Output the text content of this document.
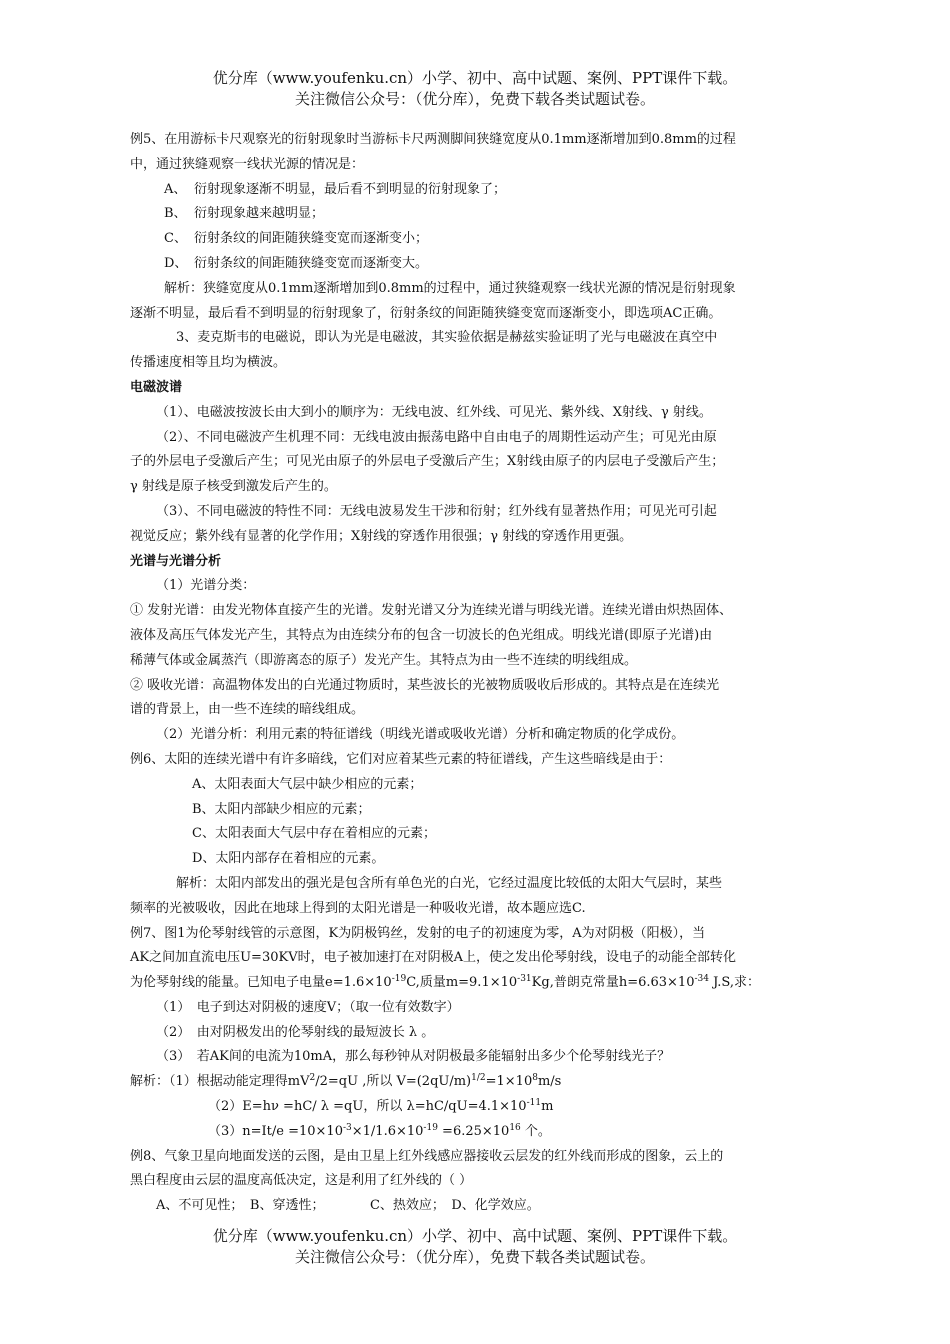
优分库（www.youfenku.cn）小学、初中、高中试题、案例、PPT课件下载。
关注微信公众号：（优分库），免费下载各类试题试卷。

例5、在用游标卡尺观察光的衍射现象时当游标卡尺两测脚间狭缝宽度从0.1mm逐渐增加到0.8mm的过程

中，通过狭缝观察一线状光源的情况是：

A、 衍射现象逐渐不明显，最后看不到明显的衍射现象了；

B、 衍射现象越来越明显；

C、 衍射条纹的间距随狭缝变宽而逐渐变小；

D、 衍射条纹的间距随狭缝变宽而逐渐变大。

解析：狭缝宽度从0.1mm逐渐增加到0.8mm的过程中，通过狭缝观察一线状光源的情况是衍射现象

逐渐不明显，最后看不到明显的衍射现象了，衍射条纹的间距随狭缝变宽而逐渐变小，即选项AC正确。

3、麦克斯韦的电磁说，即认为光是电磁波，其实验依据是赫兹实验证明了光与电磁波在真空中

传播速度相等且均为横波。

电磁波谱

（1）、电磁波按波长由大到小的顺序为：无线电波、红外线、可见光、紫外线、X射线、γ 射线。

（2）、不同电磁波产生机理不同：无线电波由振荡电路中自由电子的周期性运动产生；可见光由原

子的外层电子受激后产生；可见光由原子的外层电子受激后产生；X射线由原子的内层电子受激后产生；

γ 射线是原子核受到激发后产生的。

（3）、不同电磁波的特性不同：无线电波易发生干涉和衍射；红外线有显著热作用；可见光可引起

视觉反应；紫外线有显著的化学作用；X射线的穿透作用很强；γ 射线的穿透作用更强。

光谱与光谱分析

（1）光谱分类：

① 发射光谱：由发光物体直接产生的光谱。发射光谱又分为连续光谱与明线光谱。连续光谱由炽热固体、

液体及高压气体发光产生，其特点为由连续分布的包含一切波长的色光组成。明线光谱(即原子光谱)由

稀薄气体或金属蒸汽（即游离态的原子）发光产生。其特点为由一些不连续的明线组成。

② 吸收光谱：高温物体发出的白光通过物质时，某些波长的光被物质吸收后形成的。其特点是在连续光

谱的背景上，由一些不连续的暗线组成。

（2）光谱分析：利用元素的特征谱线（明线光谱或吸收光谱）分析和确定物质的化学成份。

例6、太阳的连续光谱中有许多暗线，它们对应着某些元素的特征谱线，产生这些暗线是由于：

A、太阳表面大气层中缺少相应的元素；

B、太阳内部缺少相应的元素；

C、太阳表面大气层中存在着相应的元素；

D、太阳内部存在着相应的元素。

解析：太阳内部发出的强光是包含所有单色光的白光，它经过温度比较低的太阳大气层时，某些

频率的光被吸收，因此在地球上得到的太阳光谱是一种吸收光谱，故本题应选C.

例7、图1为伦琴射线管的示意图，K为阴极钨丝，发射的电子的初速度为零，A为对阴极（阳极），当

AK之间加直流电压U=30KV时，电子被加速打在对阴极A上，使之发出伦琴射线，设电子的动能全部转化

为伦琴射线的能量。已知电子电量$e=1.6\times 10^{-19}C$,质量$m=9.1\times 10^{-31}Kg$,普朗克常量$h=6.63\times 10^{-34}$ J.S,求：

（1）　电子到达对阴极的速度V；（取一位有效数字）

（2）　由对阴极发出的伦琴射线的最短波长 λ 。

（3）　若AK间的电流为10mA，那么每秒钟从对阴极最多能辐射出多少个伦琴射线光子？

解析：（1）根据动能定理得$mV^2/2=qU$ ,所以 $V=(2qU/m)^{1/2}=1\times 10^8m/s$

（2）E=hν =hC/ λ =qU，所以 $\lambda=hC/qU=4.1\times 10^{-11}m$

$(3)n=It/e =10\times 10^{-3}\times 1/1.6\times 10^{-19} =6.25\times 10^{16}$ 个。

例8、气象卫星向地面发送的云图，是由卫星上红外线感应器接收云层发的红外线而形成的图象，云上的

黑白程度由云层的温度高低决定，这是利用了红外线的（ ）

A、不可见性；　B、穿透性；　　　　C、热效应；　D、化学效应。

优分库（www.youfenku.cn）小学、初中、高中试题、案例、PPT课件下载。
关注微信公众号：（优分库），免费下载各类试题试卷。
